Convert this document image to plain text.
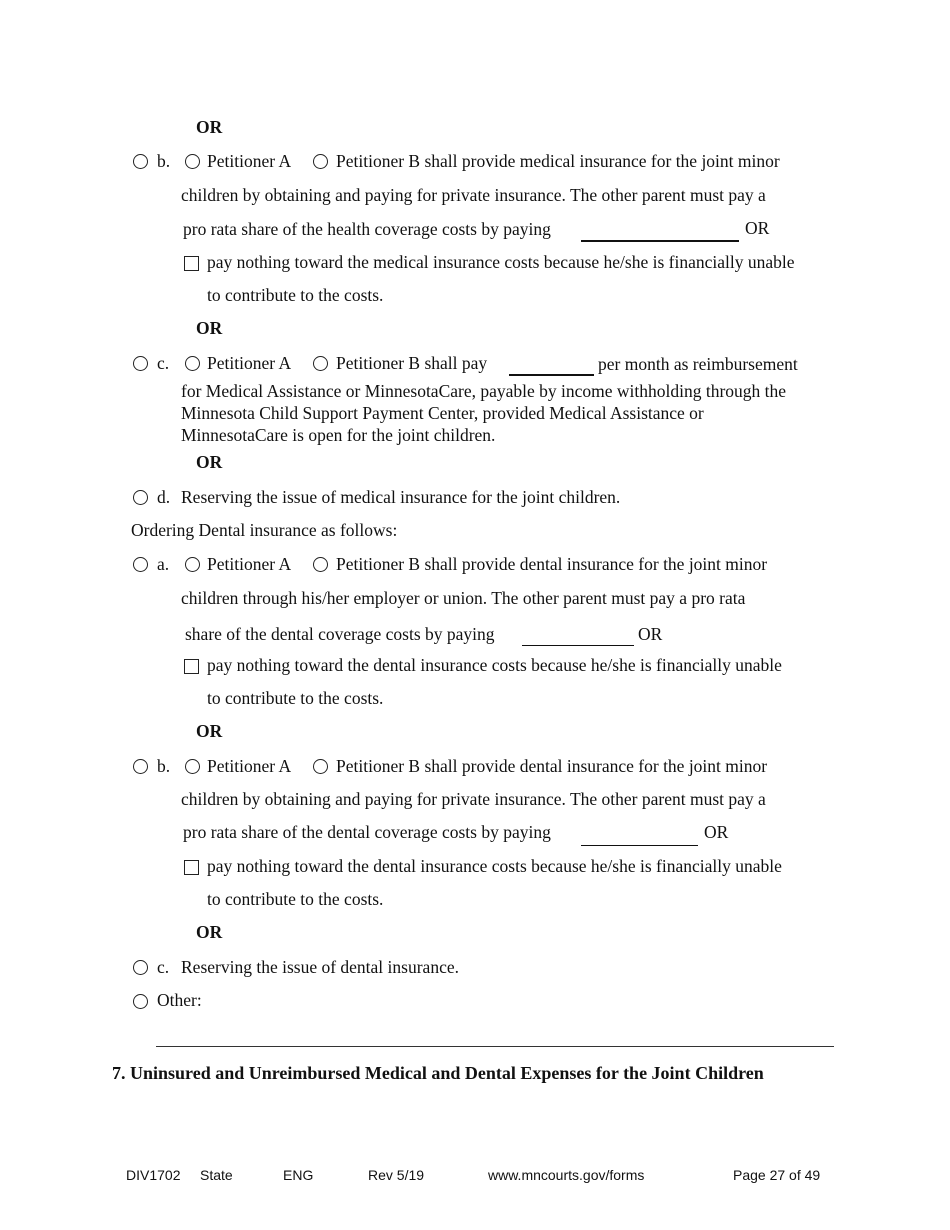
OR
b. Petitioner A	Petitioner B shall provide medical insurance for the joint minor
children by obtaining and paying for private insurance. The other parent must pay a
pro rata share of the health coverage costs by paying	OR
pay nothing toward the medical insurance costs because he/she is financially unable
to contribute to the costs.
OR
c. Petitioner A	Petitioner B shall pay	per month as reimbursement
for Medical Assistance or MinnesotaCare, payable by income withholding through the
Minnesota Child Support Payment Center, provided Medical Assistance or
MinnesotaCare is open for the joint children.
OR
d. Reserving the issue of medical insurance for the joint children.
Ordering Dental insurance as follows:
a. Petitioner A	Petitioner B shall provide dental insurance for the joint minor
children through his/her employer or union. The other parent must pay a pro rata
share of the dental coverage costs by paying	OR
pay nothing toward the dental insurance costs because he/she is financially unable
to contribute to the costs.
OR
b. Petitioner A	Petitioner B shall provide dental insurance for the joint minor
children by obtaining and paying for private insurance. The other parent must pay a
pro rata share of the dental coverage costs by paying	OR
pay nothing toward the dental insurance costs because he/she is financially unable
to contribute to the costs.
OR
c. Reserving the issue of dental insurance.
Other:
7. Uninsured and Unreimbursed Medical and Dental Expenses for the Joint Children
DIV1702 State	ENG	Rev 5/19	www.mncourts.gov/forms	Page 27 of 49
